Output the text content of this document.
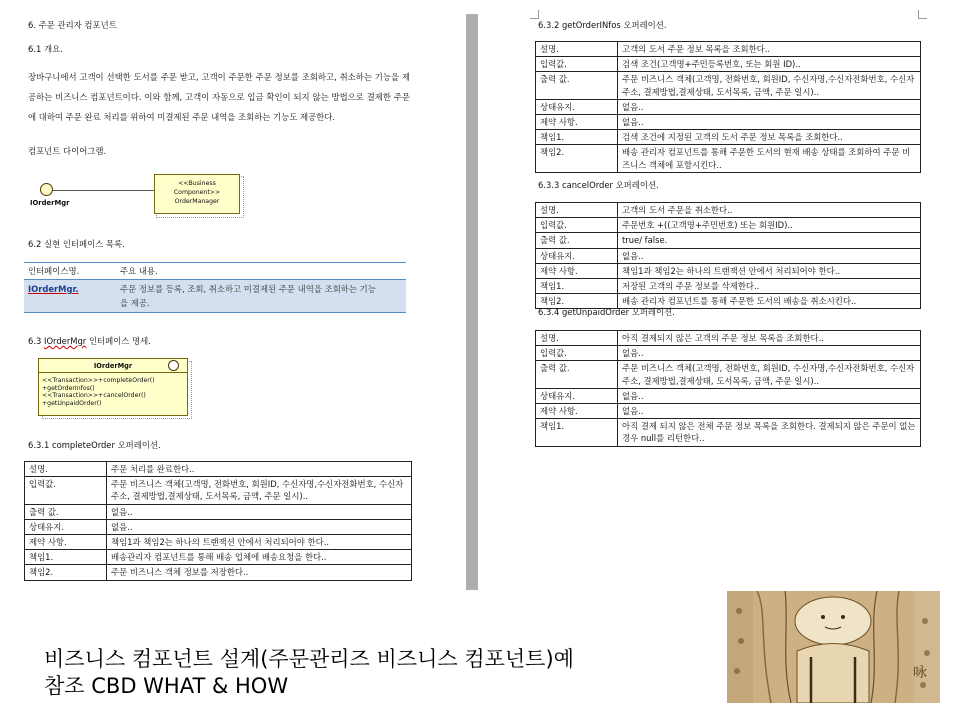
6. 주문 관리자 컴포넌트
6.1 개요.
장바구니에서 고객이 선택한 도서를 주문 받고, 고객이 주문한 주문 정보를 조회하고, 취소하는 기능을 제공하는 비즈니스 컴포넌트이다. 이와 함께, 고객이 자동으로 입금 확인이 되지 않는 방법으로 결제한 주문에 대하여 주문 완료 처리를 위하여 미결제된 주문 내역을 조회하는 기능도 제공한다.
컴포넌트 다이어그램.
IOrderMgr
<<Business Component>>
OrderManager
6.2 실현 인터페이스 목록.
인터페이스명.	주요 내용.
IOrderMgr.	주문 정보를 등록, 조회, 취소하고 미결제된 주문 내역을 조회하는 기능
을 제공.
6.3 IOrderMgr 인터페이스 명세.
IOrderMgr
<<Transaction>>+completeOrder()
+getOrderInfos()
<<Transaction>>+cancelOrder()
+getUnpaidOrder()
6.3.1 completeOrder 오퍼레이션.
설명.	주문 처리를 완료한다..
입력값.	주문 비즈니스 객체(고객명, 전화번호, 회원ID, 수신자명,수신자전화번호, 수신자주소, 결제방법,결제상태, 도서목록, 금액, 주문 일시)..
출력 값.	없음..
상태유지.	없음..
제약 사항.	책임1과 책임2는 하나의 트랜잭션 안에서 처리되어야 한다..
책임1.	배송관리자 컴포넌트를 통해 배송 업체에 배송요청을 한다..
책임2.	주문 비즈니스 객체 정보를 저장한다..
6.3.2 getOrderINfos 오퍼레이션.
설명.	고객의 도서 주문 정보 목록을 조회한다..
입력값.	검색 조건(고객명+주민등록번호, 또는 회원 ID)..
출력 값.	주문 비즈니스 객체(고객명, 전화번호, 회원ID, 수신자명,수신자전화번호, 수신자주소, 결제방법,결제상태, 도서목록, 금액, 주문 일시)..
상태유지.	없음..
제약 사항.	없음..
책임1.	검색 조건에 지정된 고객의 도서 주문 정보 목록을 조회한다..
책임2.	배송 관리자 컴포넌트를 통해 주문한 도서의 현재 배송 상태를 조회하여 주문 비즈니스 객체에 포함시킨다..
6.3.3 cancelOrder 오퍼레이션.
설명.	고객의 도서 주문을 취소한다..
입력값.	주문번호 +((고객명+주민번호) 또는 회원ID)..
출력 값.	true/ false.
상태유지.	없음..
제약 사항.	책임1과 책임2는 하나의 트랜잭션 안에서 처리되어야 한다..
책임1.	저장된 고객의 주문 정보를 삭제한다..
책임2.	배송 관리자 컴포넌트를 통해 주문한 도서의 배송을 취소시킨다..
6.3.4 getUnpaidOrder 오퍼레이션.
설명.	아직 결제되지 않은 고객의 주문 정보 목록을 조회한다..
입력값.	없음..
출력 값.	주문 비즈니스 객체(고객명, 전화번호, 회원ID, 수신자명,수신자전화번호, 수신자주소, 결제방법,결제상태, 도서목록, 금액, 주문 일시)..
상태유지.	없음..
제약 사항.	없음..
책임1.	아직 결제 되지 않은 전체 주문 정보 목록을 조회한다. 결제되지 않은 주문이 없는 경우 null를 리턴한다..
비즈니스 컴포넌트 설계(주문관리즈 비즈니스 컴포넌트)예
참조 CBD WHAT & HOW
咏
